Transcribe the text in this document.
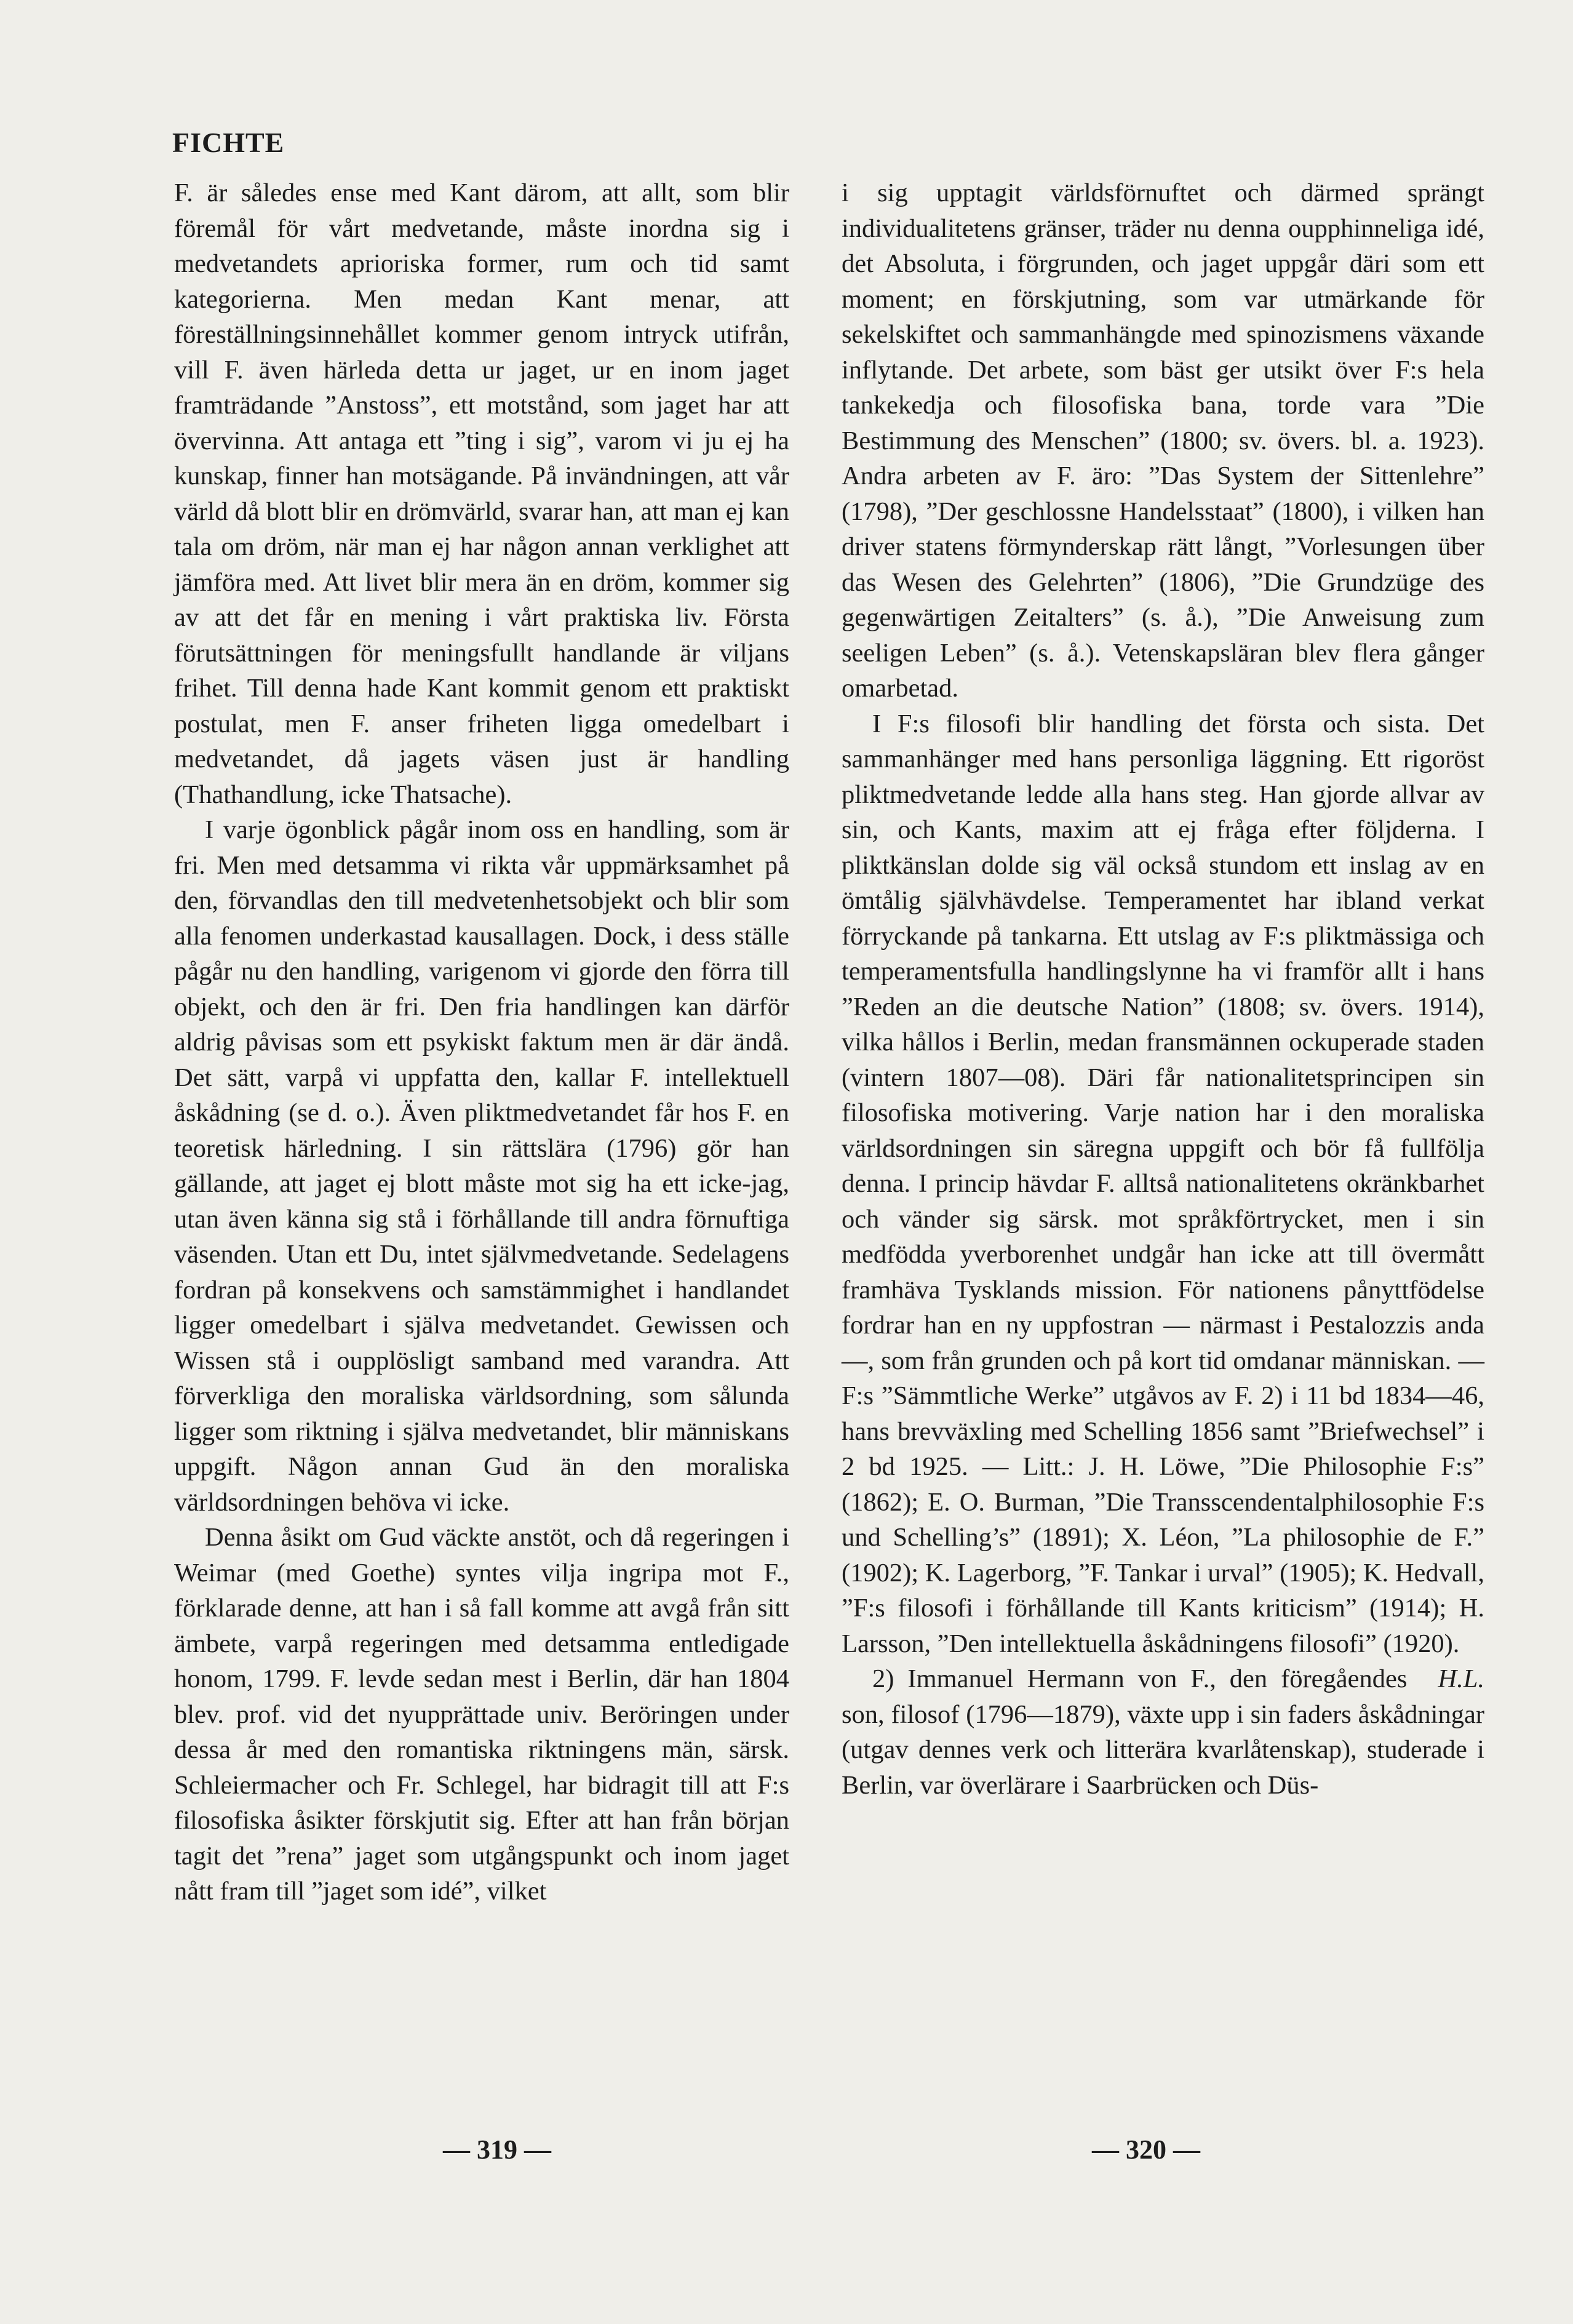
FICHTE

F. är således ense med Kant därom, att allt, som blir föremål för vårt medvetande, måste inordna sig i medvetandets aprioriska former, rum och tid samt kategorierna. Men medan Kant menar, att föreställningsinnehållet kommer genom intryck utifrån, vill F. även härleda detta ur jaget, ur en inom jaget framträdande ”Anstoss”, ett motstånd, som jaget har att övervinna. Att antaga ett ”ting i sig”, varom vi ju ej ha kunskap, finner han motsägande. På invändningen, att vår värld då blott blir en drömvärld, svarar han, att man ej kan tala om dröm, när man ej har någon annan verklighet att jämföra med. Att livet blir mera än en dröm, kommer sig av att det får en mening i vårt praktiska liv. Första förutsättningen för meningsfullt handlande är viljans frihet. Till denna hade Kant kommit genom ett praktiskt postulat, men F. anser friheten ligga omedelbart i medvetandet, då jagets väsen just är handling (Thathandlung, icke Thatsache).

I varje ögonblick pågår inom oss en handling, som är fri. Men med detsamma vi rikta vår uppmärksamhet på den, förvandlas den till medvetenhetsobjekt och blir som alla fenomen underkastad kausallagen. Dock, i dess ställe pågår nu den handling, varigenom vi gjorde den förra till objekt, och den är fri. Den fria handlingen kan därför aldrig påvisas som ett psykiskt faktum men är där ändå. Det sätt, varpå vi uppfatta den, kallar F. intellektuell åskådning (se d. o.). Även pliktmedvetandet får hos F. en teoretisk härledning. I sin rättslära (1796) gör han gällande, att jaget ej blott måste mot sig ha ett icke-jag, utan även känna sig stå i förhållande till andra förnuftiga väsenden. Utan ett Du, intet självmedvetande. Sedelagens fordran på konsekvens och samstämmighet i handlandet ligger omedelbart i själva medvetandet. Gewissen och Wissen stå i oupplösligt samband med varandra. Att förverkliga den moraliska världsordning, som sålunda ligger som riktning i själva medvetandet, blir människans uppgift. Någon annan Gud än den moraliska världsordningen behöva vi icke.

Denna åsikt om Gud väckte anstöt, och då regeringen i Weimar (med Goethe) syntes vilja ingripa mot F., förklarade denne, att han i så fall komme att avgå från sitt ämbete, varpå regeringen med detsamma entledigade honom, 1799. F. levde sedan mest i Berlin, där han 1804 blev. prof. vid det nyupprättade univ. Beröringen under dessa år med den romantiska riktningens män, särsk. Schleiermacher och Fr. Schlegel, har bidragit till att F:s filosofiska åsikter förskjutit sig. Efter att han från början tagit det ”rena” jaget som utgångspunkt och inom jaget nått fram till ”jaget som idé”, vilket

i sig upptagit världsförnuftet och därmed sprängt individualitetens gränser, träder nu denna oupphinneliga idé, det Absoluta, i förgrunden, och jaget uppgår däri som ett moment; en förskjutning, som var utmärkande för sekelskiftet och sammanhängde med spinozismens växande inflytande. Det arbete, som bäst ger utsikt över F:s hela tankekedja och filosofiska bana, torde vara ”Die Bestimmung des Menschen” (1800; sv. övers. bl. a. 1923). Andra arbeten av F. äro: ”Das System der Sittenlehre” (1798), ”Der geschlossne Handelsstaat” (1800), i vilken han driver statens förmynderskap rätt långt, ”Vorlesungen über das Wesen des Gelehrten” (1806), ”Die Grundzüge des gegenwärtigen Zeitalters” (s. å.), ”Die Anweisung zum seeligen Leben” (s. å.). Vetenskapsläran blev flera gånger omarbetad.

I F:s filosofi blir handling det första och sista. Det sammanhänger med hans personliga läggning. Ett rigoröst pliktmedvetande ledde alla hans steg. Han gjorde allvar av sin, och Kants, maxim att ej fråga efter följderna. I pliktkänslan dolde sig väl också stundom ett inslag av en ömtålig självhävdelse. Temperamentet har ibland verkat förryckande på tankarna. Ett utslag av F:s pliktmässiga och temperamentsfulla handlingslynne ha vi framför allt i hans ”Reden an die deutsche Nation” (1808; sv. övers. 1914), vilka hållos i Berlin, medan fransmännen ockuperade staden (vintern 1807—08). Däri får nationalitetsprincipen sin filosofiska motivering. Varje nation har i den moraliska världsordningen sin säregna uppgift och bör få fullfölja denna. I princip hävdar F. alltså nationalitetens okränkbarhet och vänder sig särsk. mot språkförtrycket, men i sin medfödda yverborenhet undgår han icke att till övermått framhäva Tysklands mission. För nationens pånyttfödelse fordrar han en ny uppfostran — närmast i Pestalozzis anda —, som från grunden och på kort tid omdanar människan. — F:s ”Sämmtliche Werke” utgåvos av F. 2) i 11 bd 1834—46, hans brevväxling med Schelling 1856 samt ”Briefwechsel” i 2 bd 1925. — Litt.: J. H. Löwe, ”Die Philosophie F:s” (1862); E. O. Burman, ”Die Transscendentalphilosophie F:s und Schelling’s” (1891); X. Léon, ”La philosophie de F.” (1902); K. Lagerborg, ”F. Tankar i urval” (1905); K. Hedvall, ”F:s filosofi i förhållande till Kants kriticism” (1914); H. Larsson, ”Den intellektuella åskådningens filosofi” (1920).
H.L.

2) Immanuel Hermann von F., den föregåendes son, filosof (1796—1879), växte upp i sin faders åskådningar (utgav dennes verk och litterära kvarlåtenskap), studerade i Berlin, var överlärare i Saarbrücken och Düs-

— 319 —	— 320 —
